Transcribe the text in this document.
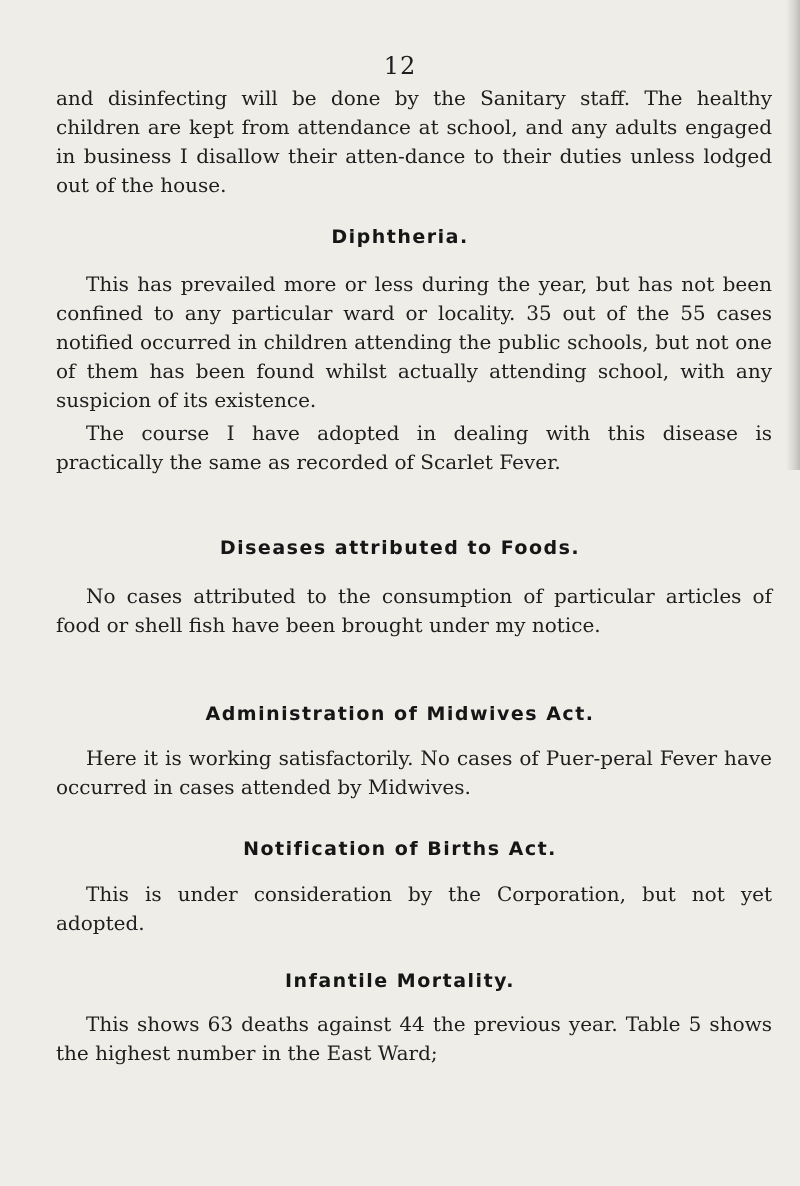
12

and disinfecting will be done by the Sanitary staff. The healthy children are kept from attendance at school, and any adults engaged in business I disallow their atten-dance to their duties unless lodged out of the house.

Diphtheria.

This has prevailed more or less during the year, but has not been confined to any particular ward or locality. 35 out of the 55 cases notified occurred in children attending the public schools, but not one of them has been found whilst actually attending school, with any suspicion of its existence.

The course I have adopted in dealing with this disease is practically the same as recorded of Scarlet Fever.

Diseases attributed to Foods.

No cases attributed to the consumption of particular articles of food or shell fish have been brought under my notice.

Administration of Midwives Act.

Here it is working satisfactorily. No cases of Puer-peral Fever have occurred in cases attended by Midwives.

Notification of Births Act.

This is under consideration by the Corporation, but not yet adopted.

Infantile Mortality.

This shows 63 deaths against 44 the previous year. Table 5 shows the highest number in the East Ward;
